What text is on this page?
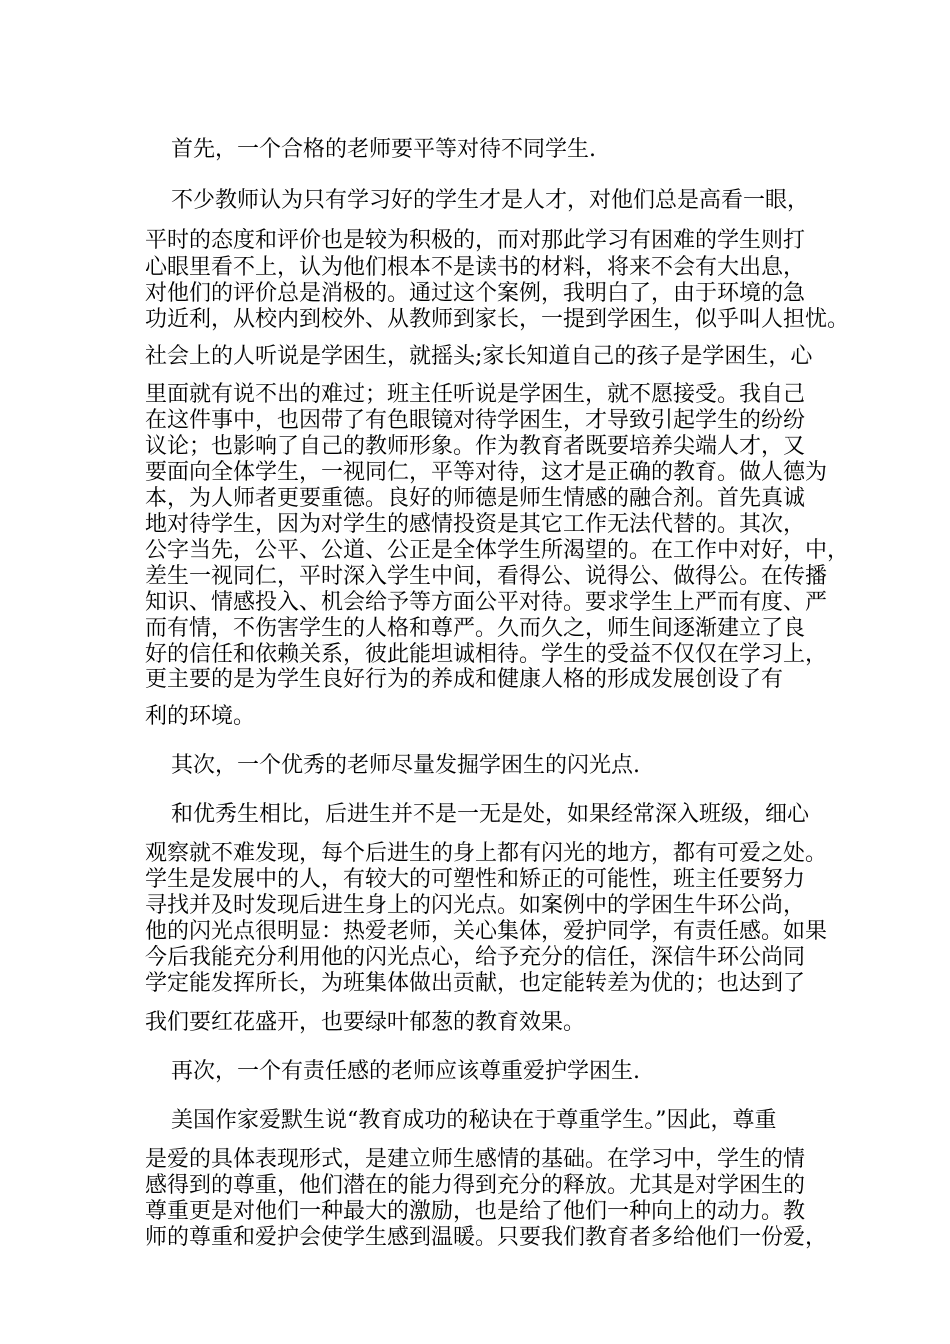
首先，一个合格的老师要平等对待不同学生.
不少教师认为只有学习好的学生才是人才，对他们总是高看一眼，
平时的态度和评价也是较为积极的，而对那此学习有困难的学生则打
心眼里看不上，认为他们根本不是读书的材料，将来不会有大出息，
对他们的评价总是消极的。通过这个案例，我明白了，由于环境的急
功近利，从校内到校外、从教师到家长，一提到学困生，似乎叫人担忧。
社会上的人听说是学困生，就摇头;家长知道自己的孩子是学困生，心
里面就有说不出的难过；班主任听说是学困生，就不愿接受。我自己
在这件事中，也因带了有色眼镜对待学困生，才导致引起学生的纷纷
议论；也影响了自己的教师形象。作为教育者既要培养尖端人才，又
要面向全体学生，一视同仁，平等对待，这才是正确的教育。做人德为
本，为人师者更要重德。良好的师德是师生情感的融合剂。首先真诚
地对待学生，因为对学生的感情投资是其它工作无法代替的。其次，
公字当先，公平、公道、公正是全体学生所渴望的。在工作中对好，中，
差生一视同仁，平时深入学生中间，看得公、说得公、做得公。在传播
知识、情感投入、机会给予等方面公平对待。要求学生上严而有度、严
而有情，不伤害学生的人格和尊严。久而久之，师生间逐渐建立了良
好的信任和依赖关系，彼此能坦诚相待。学生的受益不仅仅在学习上，
更主要的是为学生良好行为的养成和健康人格的形成发展创设了有
利的环境。
其次，一个优秀的老师尽量发掘学困生的闪光点.
和优秀生相比，后进生并不是一无是处，如果经常深入班级，细心
观察就不难发现，每个后进生的身上都有闪光的地方，都有可爱之处。
学生是发展中的人，有较大的可塑性和矫正的可能性，班主任要努力
寻找并及时发现后进生身上的闪光点。如案例中的学困生牛环公尚，
他的闪光点很明显：热爱老师，关心集体，爱护同学，有责任感。如果
今后我能充分利用他的闪光点心，给予充分的信任，深信牛环公尚同
学定能发挥所长，为班集体做出贡献，也定能转差为优的；也达到了
我们要红花盛开，也要绿叶郁葱的教育效果。
再次，一个有责任感的老师应该尊重爱护学困生.
美国作家爱默生说“教育成功的秘诀在于尊重学生。”因此，尊重
是爱的具体表现形式，是建立师生感情的基础。在学习中，学生的情
感得到的尊重，他们潜在的能力得到充分的释放。尤其是对学困生的
尊重更是对他们一种最大的激励，也是给了他们一种向上的动力。教
师的尊重和爱护会使学生感到温暖。只要我们教育者多给他们一份爱，
